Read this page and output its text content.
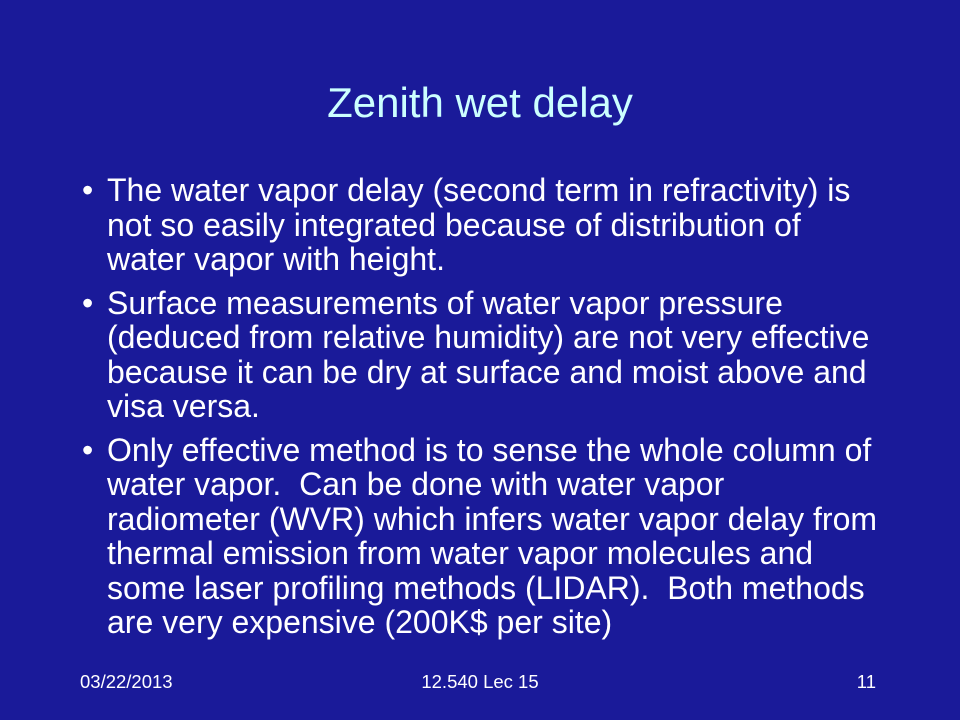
Zenith wet delay
• The water vapor delay (second term in refractivity) is
not so easily integrated because of distribution of
water vapor with height.
• Surface measurements of water vapor pressure
(deduced from relative humidity) are not very effective
because it can be dry at surface and moist above and
visa versa.
• Only effective method is to sense the whole column of
water vapor.  Can be done with water vapor
radiometer (WVR) which infers water vapor delay from
thermal emission from water vapor molecules and
some laser profiling methods (LIDAR).  Both methods
are very expensive (200K$ per site)
03/22/2013	12.540 Lec 15	11
